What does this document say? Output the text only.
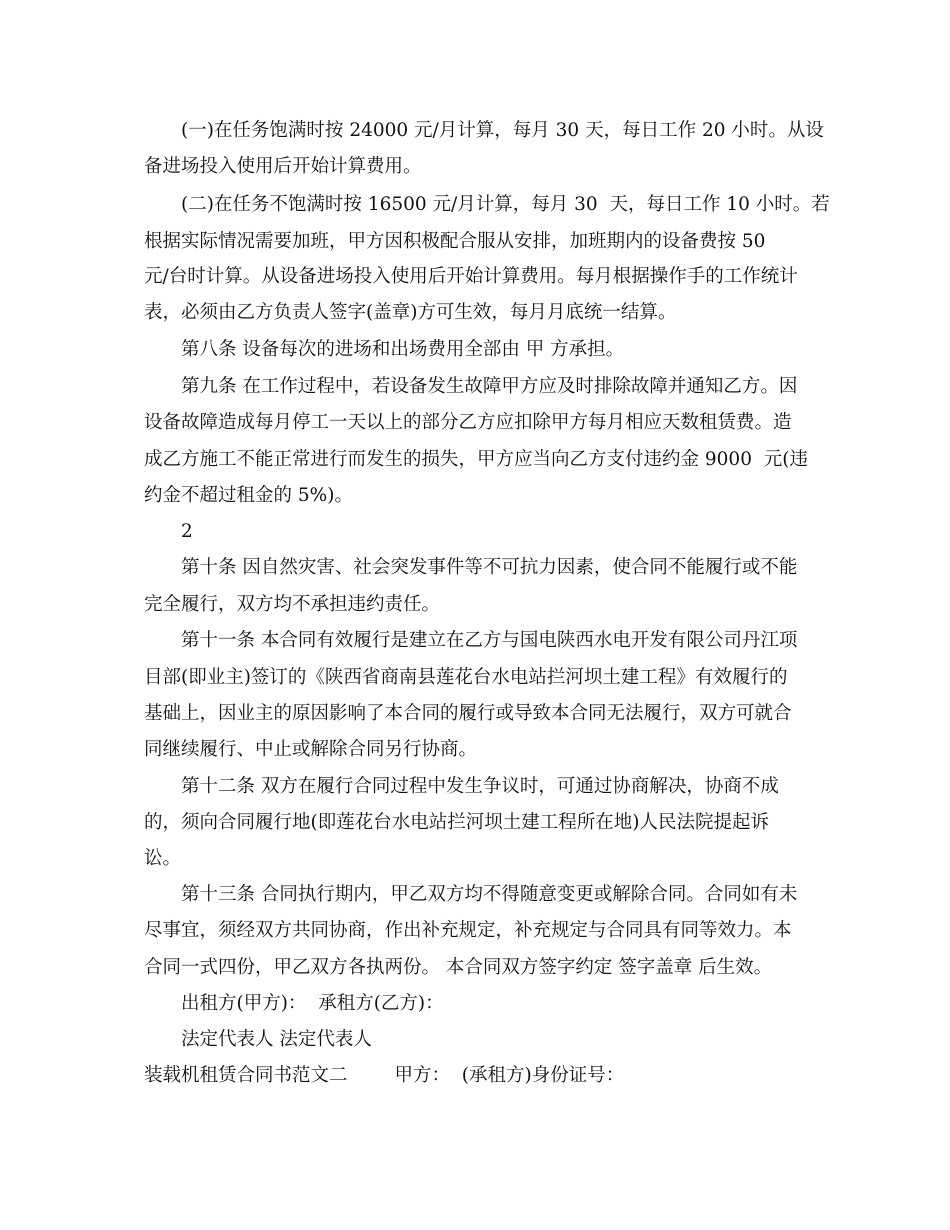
(一)在任务饱满时按 24000 元/月计算，每月 30 天，每日工作 20 小时。从设
备进场投入使用后开始计算费用。
(二)在任务不饱满时按 16500 元/月计算，每月 30  天，每日工作 10 小时。若
根据实际情况需要加班，甲方因积极配合服从安排，加班期内的设备费按 50
元/台时计算。从设备进场投入使用后开始计算费用。每月根据操作手的工作统计
表，必须由乙方负责人签字(盖章)方可生效，每月月底统一结算。
第八条 设备每次的进场和出场费用全部由 甲 方承担。
第九条 在工作过程中，若设备发生故障甲方应及时排除故障并通知乙方。因
设备故障造成每月停工一天以上的部分乙方应扣除甲方每月相应天数租赁费。造
成乙方施工不能正常进行而发生的损失，甲方应当向乙方支付违约金 9000  元(违
约金不超过租金的 5%)。
2
第十条 因自然灾害、社会突发事件等不可抗力因素，使合同不能履行或不能
完全履行，双方均不承担违约责任。
第十一条 本合同有效履行是建立在乙方与国电陕西水电开发有限公司丹江项
目部(即业主)签订的《陕西省商南县莲花台水电站拦河坝土建工程》有效履行的
基础上，因业主的原因影响了本合同的履行或导致本合同无法履行，双方可就合
同继续履行、中止或解除合同另行协商。
第十二条 双方在履行合同过程中发生争议时，可通过协商解决，协商不成
的，须向合同履行地(即莲花台水电站拦河坝土建工程所在地)人民法院提起诉
讼。
第十三条 合同执行期内，甲乙双方均不得随意变更或解除合同。合同如有未
尽事宜，须经双方共同协商，作出补充规定，补充规定与合同具有同等效力。本
合同一式四份，甲乙双方各执两份。 本合同双方签字约定 签字盖章 后生效。
出租方(甲方)：  承租方(乙方)：
法定代表人 法定代表人
装载机租赁合同书范文二        甲方：  (承租方)身份证号：
